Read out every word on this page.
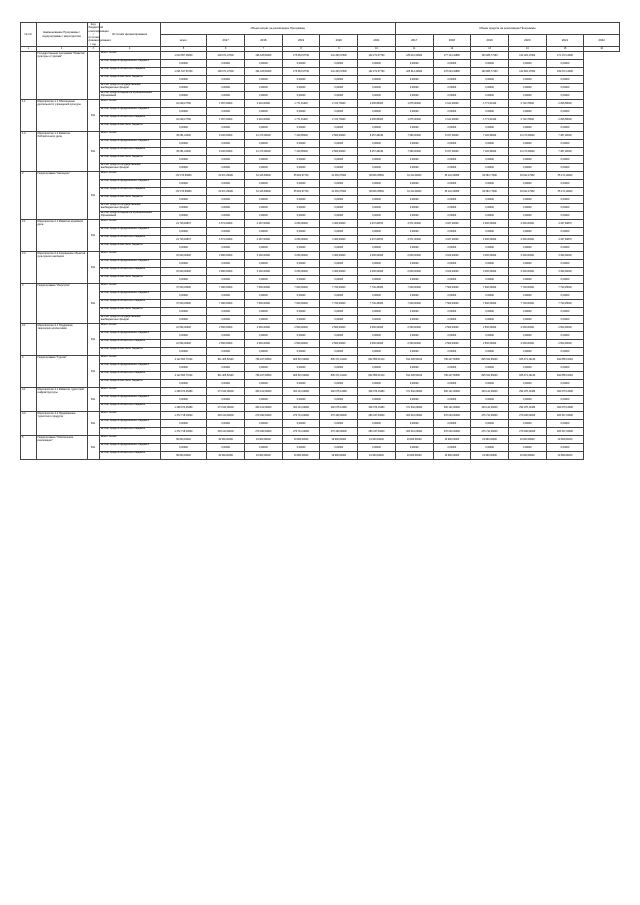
№ п/п	Наименование Программы / подпрограммы / мероприятия	Код бюджетной классификации / источник финансирования / год	Источник финансирования	Объем затрат на реализацию Программы						Объем средств на реализацию Программы					
				всего	2017	2018	2019	2020	2021	2017	2018	2019	2020	2021	2022
1	2	3	4	5	6	7	8	9	10	11	12	13	14	15	16
	Государственная программа "Развитие культуры и туризма"		Всего: из них	1 013 857,46830	202 071,17600	196 125,84600	175 663,97700	131 463,37600	122 271,67790	186 113,34600	177 124,34890	163 083,77490	144 022,17900	171 172,14900	
			за счет средств федерального бюджета	0,00000	0,00000	0,00000	0,00000	0,00000	0,00000	0,00000	0,00000	0,00000	0,00000	0,00000	
			за счет средств областного бюджета	1 001 547,97230	196 071,17600	194 125,84600	175 663,97700	131 463,37600	122 271,67790	183 913,34600	176 604,34890	160 883,77490	142 822,17900	169 672,14900	
			за счет средств местного бюджета	0,00000	0,00000	0,00000	0,00000	0,00000	0,00000	0,00000	0,00000	0,00000	0,00000	0,00000	
			за счет средств государственных внебюджетных фондов	0,00000	0,00000	0,00000	0,00000	0,00000	0,00000	0,00000	0,00000	0,00000	0,00000	0,00000	
			за счет средств бюджетов муниципальных образований	0,00000	0,00000	0,00000	0,00000	0,00000	0,00000	0,00000	0,00000	0,00000	0,00000	0,00000	
1.1	Мероприятие 1.1 Обеспечение деятельности учреждений культуры	811	Всего: из них	10 048,27790	1 057,00000	2 201,00000	1 771,61420	2 722,78400	2 295,85000	1 875,00000	2 121,00000	1 771,61420	2 722,78400	2 295,85000	
			за счет средств федерального бюджета	0,00000	0,00000	0,00000	0,00000	0,00000	0,00000	0,00000	0,00000	0,00000	0,00000	0,00000	
			за счет средств областного бюджета	10 048,27790	1 057,00000	2 201,00000	1 771,61420	2 722,78400	2 295,85000	1 875,00000	2 121,00000	1 771,61420	2 722,78400	2 295,85000	
			за счет средств местного бюджета	0,00000	0,00000	0,00000	0,00000	0,00000	0,00000	0,00000	0,00000	0,00000	0,00000	0,00000	
1.2	Мероприятие 1.2 Развитие библиотечного дела	811	Всего: из них	45 051,23240	9 100,00000	14 173,00000	7 120,95000	2 500,00000	8 157,28240	7 980,00000	8 157,00000	7 120,95000	14 173,00000	7 487,20000	
			за счет средств федерального бюджета	0,00000	0,00000	0,00000	0,00000	0,00000	0,00000	0,00000	0,00000	0,00000	0,00000	0,00000	
			за счет средств областного бюджета	45 051,23240	9 100,00000	14 173,00000	7 120,95000	2 500,00000	8 157,28240	7 980,00000	8 157,00000	7 120,95000	14 173,00000	7 487,20000	
			за счет средств местного бюджета	0,00000	0,00000	0,00000	0,00000	0,00000	0,00000	0,00000	0,00000	0,00000	0,00000	0,00000	
			за счет средств государственных внебюджетных фондов	0,00000	0,00000	0,00000	0,00000	0,00000	0,00000	0,00000	0,00000	0,00000	0,00000	0,00000	
2	Подпрограмма "Наследие"	811	Всего: из них	172 073,83950	31 971,29000	34 125,84600	35 663,97700	31 463,37600	38 849,35050	34 111,34600	35 124,34890	33 083,77490	34 022,17900	35 172,14900	
			за счет средств федерального бюджета	0,00000	0,00000	0,00000	0,00000	0,00000	0,00000	0,00000	0,00000	0,00000	0,00000	0,00000	
			за счет средств областного бюджета	172 073,83950	31 971,29000	34 125,84600	35 663,97700	31 463,37600	38 849,35050	34 111,34600	35 124,34890	33 083,77490	34 022,17900	35 172,14900	
			за счет средств местного бюджета	0,00000	0,00000	0,00000	0,00000	0,00000	0,00000	0,00000	0,00000	0,00000	0,00000	0,00000	
			за счет средств государственных внебюджетных фондов	0,00000	0,00000	0,00000	0,00000	0,00000	0,00000	0,00000	0,00000	0,00000	0,00000	0,00000	
			за счет средств бюджетов муниципальных образований	0,00000	0,00000	0,00000	0,00000	0,00000	0,00000	0,00000	0,00000	0,00000	0,00000	0,00000	
2.1	Мероприятие 2.1 Развитие музейного дела	811	Всего: из них	21 745,84870	4 571,00000	4 187,00000	4 250,00000	4 300,00000	4 437,84870	4 571,00000	4 187,00000	4 250,00000	4 300,00000	4 437,84870	
			за счет средств федерального бюджета	0,00000	0,00000	0,00000	0,00000	0,00000	0,00000	0,00000	0,00000	0,00000	0,00000	0,00000	
			за счет средств областного бюджета	21 745,84870	4 571,00000	4 187,00000	4 250,00000	4 300,00000	4 437,84870	4 571,00000	4 187,00000	4 250,00000	4 300,00000	4 437,84870	
			за счет средств местного бюджета	0,00000	0,00000	0,00000	0,00000	0,00000	0,00000	0,00000	0,00000	0,00000	0,00000	0,00000	
2.2	Мероприятие 2.2 Сохранение объектов культурного наследия	811	Всего: из них	15 940,00000	2 800,00000	3 100,00000	3 250,00000	3 300,00000	3 490,00000	2 800,00000	3 100,00000	3 250,00000	3 300,00000	3 490,00000	
			за счет средств федерального бюджета	0,00000	0,00000	0,00000	0,00000	0,00000	0,00000	0,00000	0,00000	0,00000	0,00000	0,00000	
			за счет средств областного бюджета	15 940,00000	2 800,00000	3 100,00000	3 250,00000	3 300,00000	3 490,00000	2 800,00000	3 100,00000	3 250,00000	3 300,00000	3 490,00000	
			за счет средств местного бюджета	0,00000	0,00000	0,00000	0,00000	0,00000	0,00000	0,00000	0,00000	0,00000	0,00000	0,00000	
3	Подпрограмма "Искусство"	811	Всего: из них	37 540,25000	7 000,00000	7 500,00000	7 600,00000	7 700,00000	7 740,25000	7 000,00000	7 500,00000	7 600,00000	7 700,00000	7 740,25000	
			за счет средств федерального бюджета	0,00000	0,00000	0,00000	0,00000	0,00000	0,00000	0,00000	0,00000	0,00000	0,00000	0,00000	
			за счет средств областного бюджета	37 540,25000	7 000,00000	7 500,00000	7 600,00000	7 700,00000	7 740,25000	7 000,00000	7 500,00000	7 600,00000	7 700,00000	7 740,25000	
			за счет средств местного бюджета	0,00000	0,00000	0,00000	0,00000	0,00000	0,00000	0,00000	0,00000	0,00000	0,00000	0,00000	
			за счет средств государственных внебюджетных фондов	0,00000	0,00000	0,00000	0,00000	0,00000	0,00000	0,00000	0,00000	0,00000	0,00000	0,00000	
3.1	Мероприятие 3.1 Поддержка творческих коллективов	811	Всего: из них	12 500,00000	2 500,00000	2 500,00000	2 500,00000	2 500,00000	2 500,00000	2 500,00000	2 500,00000	2 500,00000	2 500,00000	2 500,00000	
			за счет средств федерального бюджета	0,00000	0,00000	0,00000	0,00000	0,00000	0,00000	0,00000	0,00000	0,00000	0,00000	0,00000	
			за счет средств областного бюджета	12 500,00000	2 500,00000	2 500,00000	2 500,00000	2 500,00000	2 500,00000	2 500,00000	2 500,00000	2 500,00000	2 500,00000	2 500,00000	
			за счет средств местного бюджета	0,00000	0,00000	0,00000	0,00000	0,00000	0,00000	0,00000	0,00000	0,00000	0,00000	0,00000	
4	Подпрограмма "Туризм"	811	Всего: из них	4 112 500,77040	811 405,50100	796 247,50500	826 521,56000	835 471,19130	842 855,01310	811 405,50100	796 247,50500	826 521,56000	835 471,19130	842 855,01310	
			за счет средств федерального бюджета	0,00000	0,00000	0,00000	0,00000	0,00000	0,00000	0,00000	0,00000	0,00000	0,00000	0,00000	
			за счет средств областного бюджета	4 112 500,77040	811 405,50100	796 247,50500	826 521,56000	835 471,19130	842 855,01310	811 405,50100	796 247,50500	826 521,56000	835 471,19130	842 855,01310	
			за счет средств местного бюджета	0,00000	0,00000	0,00000	0,00000	0,00000	0,00000	0,00000	0,00000	0,00000	0,00000	0,00000	
4.1	Мероприятие 4.1 Развитие туристской инфраструктуры	811	Всего: из них	1 469 974,45480	271 542,06000	300 141,06000	304 141,06000	292 075,13480	302 075,13480	271 542,06000	300 141,06000	304 141,06000	292 075,13480	302 075,13480	
			за счет средств федерального бюджета	0,00000	0,00000	0,00000	0,00000	0,00000	0,00000	0,00000	0,00000	0,00000	0,00000	0,00000	
			за счет средств областного бюджета	1 469 974,45480	271 542,06000	300 141,06000	304 141,06000	292 075,13480	302 075,13480	271 542,06000	300 141,06000	304 141,06000	292 075,13480	302 075,13480	
4.2	Мероприятие 4.2 Продвижение туристского продукта	811	Всего: из них	1 372 718,10600	263 410,00000	270 040,00000	276 741,06000	279 180,00000	283 347,04600	263 410,00000	270 040,00000	276 741,06000	279 180,00000	283 347,04600	
			за счет средств федерального бюджета	0,00000	0,00000	0,00000	0,00000	0,00000	0,00000	0,00000	0,00000	0,00000	0,00000	0,00000	
			за счет средств областного бюджета	1 372 718,10600	263 410,00000	270 040,00000	276 741,06000	279 180,00000	283 347,04600	263 410,00000	270 040,00000	276 741,06000	279 180,00000	283 347,04600	
5	Подпрограмма "Обеспечение реализации"	811	Всего: из них	99 804,84200	19 960,00000	19 960,00000	19 960,00000	19 960,00000	19 964,84200	19 960,00000	19 960,00000	19 960,00000	19 960,00000	19 964,84200	
			за счет средств федерального бюджета	0,00000	0,00000	0,00000	0,00000	0,00000	0,00000	0,00000	0,00000	0,00000	0,00000	0,00000	
			за счет средств областного бюджета	99 804,84200	19 960,00000	19 960,00000	19 960,00000	19 960,00000	19 964,84200	19 960,00000	19 960,00000	19 960,00000	19 960,00000	19 964,84200	
